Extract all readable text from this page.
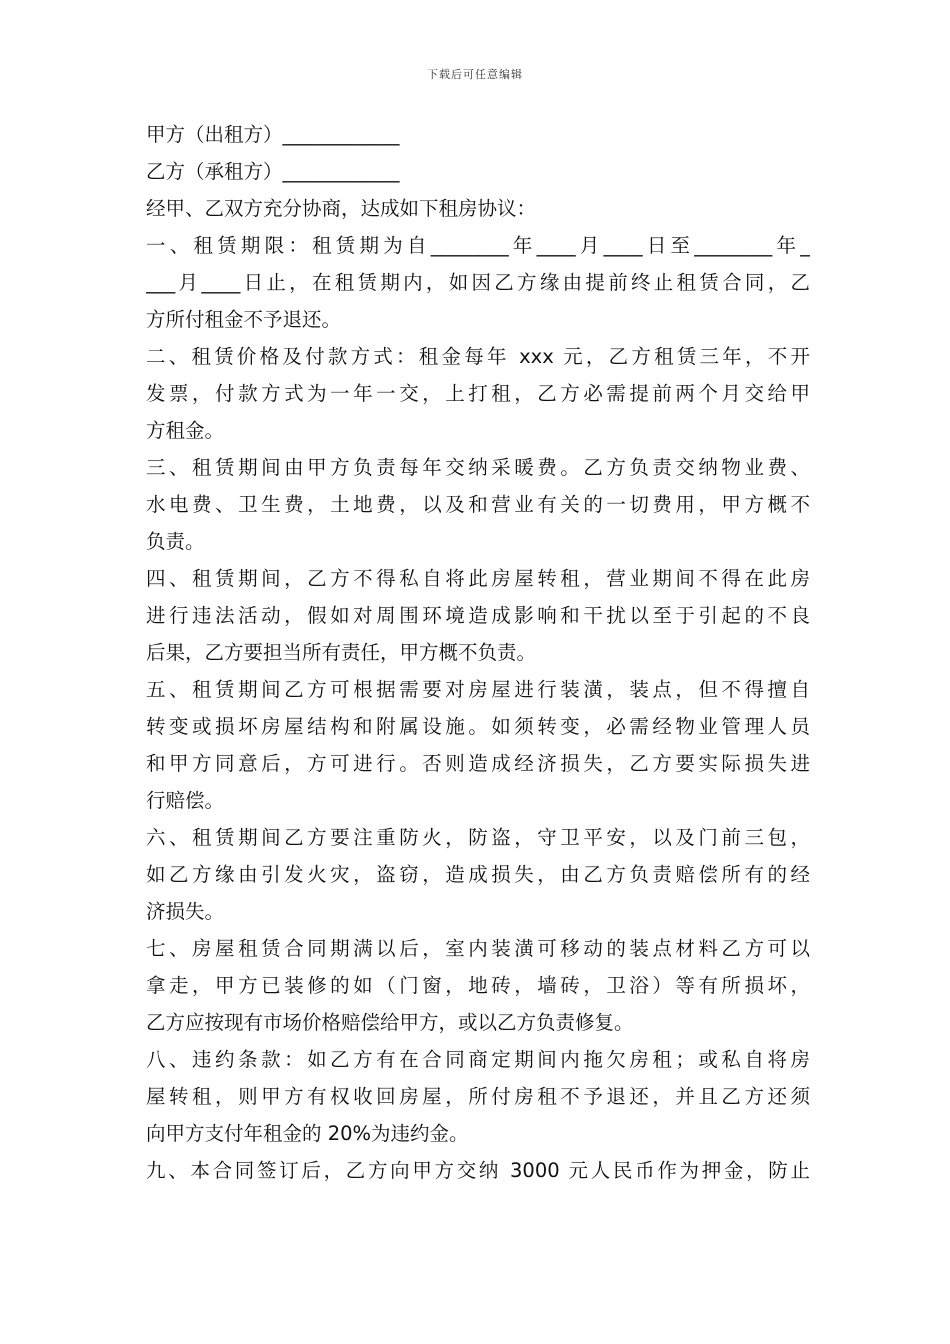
下载后可任意编辑
甲方（出租方）____________
乙方（承租方）____________
经甲、乙双方充分协商，达成如下租房协议：
一、租赁期限：租赁期为自________年____月____日至________年_
___月____日止，在租赁期内，如因乙方缘由提前终止租赁合同，乙
方所付租金不予退还。
二、租赁价格及付款方式：租金每年 xxx 元，乙方租赁三年，不开
发票，付款方式为一年一交，上打租，乙方必需提前两个月交给甲
方租金。
三、租赁期间由甲方负责每年交纳采暖费。乙方负责交纳物业费、
水电费、卫生费，土地费，以及和营业有关的一切费用，甲方概不
负责。
四、租赁期间，乙方不得私自将此房屋转租，营业期间不得在此房
进行违法活动，假如对周围环境造成影响和干扰以至于引起的不良
后果，乙方要担当所有责任，甲方概不负责。
五、租赁期间乙方可根据需要对房屋进行装潢，装点，但不得擅自
转变或损坏房屋结构和附属设施。如须转变，必需经物业管理人员
和甲方同意后，方可进行。否则造成经济损失，乙方要实际损失进
行赔偿。
六、租赁期间乙方要注重防火，防盗，守卫平安，以及门前三包，
如乙方缘由引发火灾，盗窃，造成损失，由乙方负责赔偿所有的经
济损失。
七、房屋租赁合同期满以后，室内装潢可移动的装点材料乙方可以
拿走，甲方已装修的如（门窗，地砖，墙砖，卫浴）等有所损坏，
乙方应按现有市场价格赔偿给甲方，或以乙方负责修复。
八、违约条款：如乙方有在合同商定期间内拖欠房租；或私自将房
屋转租，则甲方有权收回房屋，所付房租不予退还，并且乙方还须
向甲方支付年租金的 20%为违约金。
九、本合同签订后，乙方向甲方交纳 3000 元人民币作为押金，防止
